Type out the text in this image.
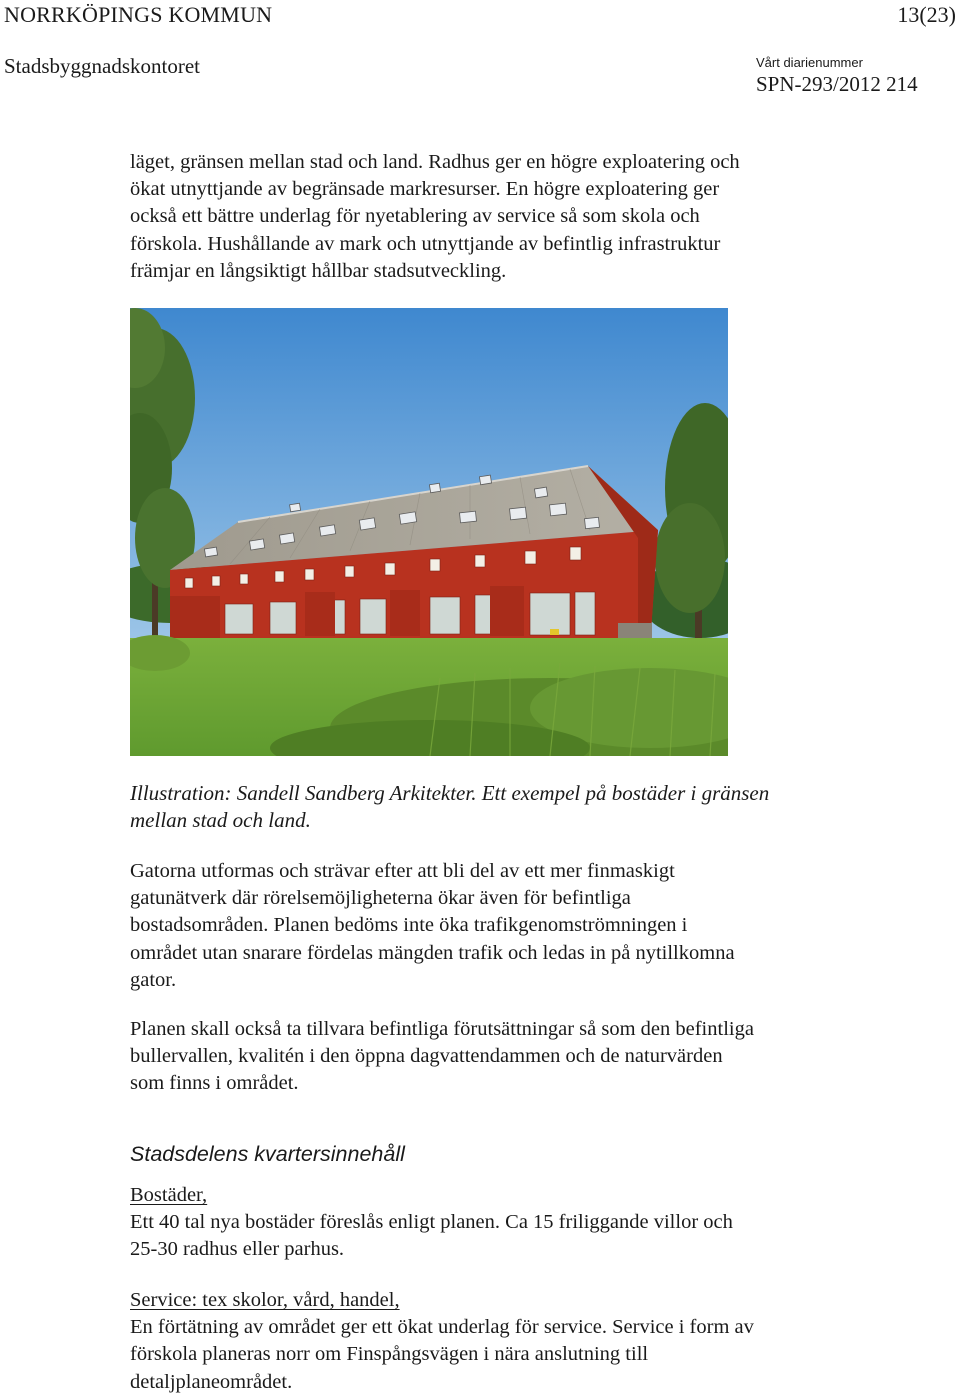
NORRKÖPINGS KOMMUN	13(23)
Stadsbyggnadskontoret	Vårt diarienummer
SPN-293/2012 214

läget, gränsen mellan stad och land. Radhus ger en högre exploatering och
ökat utnyttjande av begränsade markresurser. En högre exploatering ger
också ett bättre underlag för nyetablering av service så som skola och
förskola. Hushållande av mark och utnyttjande av befintlig infrastruktur
främjar en långsiktigt hållbar stadsutveckling.

Illustration: Sandell Sandberg Arkitekter. Ett exempel på bostäder i gränsen
mellan stad och land.

Gatorna utformas och strävar efter att bli del av ett mer finmaskigt
gatunätverk där rörelsemöjligheterna ökar även för befintliga
bostadsområden. Planen bedöms inte öka trafikgenomströmningen i
området utan snarare fördelas mängden trafik och ledas in på nytillkomna
gator.

Planen skall också ta tillvara befintliga förutsättningar så som den befintliga
bullervallen, kvalitén i den öppna dagvattendammen och de naturvärden
som finns i området.

Stadsdelens kvartersinnehåll

Bostäder,
Ett 40 tal nya bostäder föreslås enligt planen. Ca 15 friliggande villor och
25-30 radhus eller parhus.

Service: tex skolor, vård, handel,
En förtätning av området ger ett ökat underlag för service. Service i form av
förskola planeras norr om Finspångsvägen i nära anslutning till
detaljplaneområdet.
